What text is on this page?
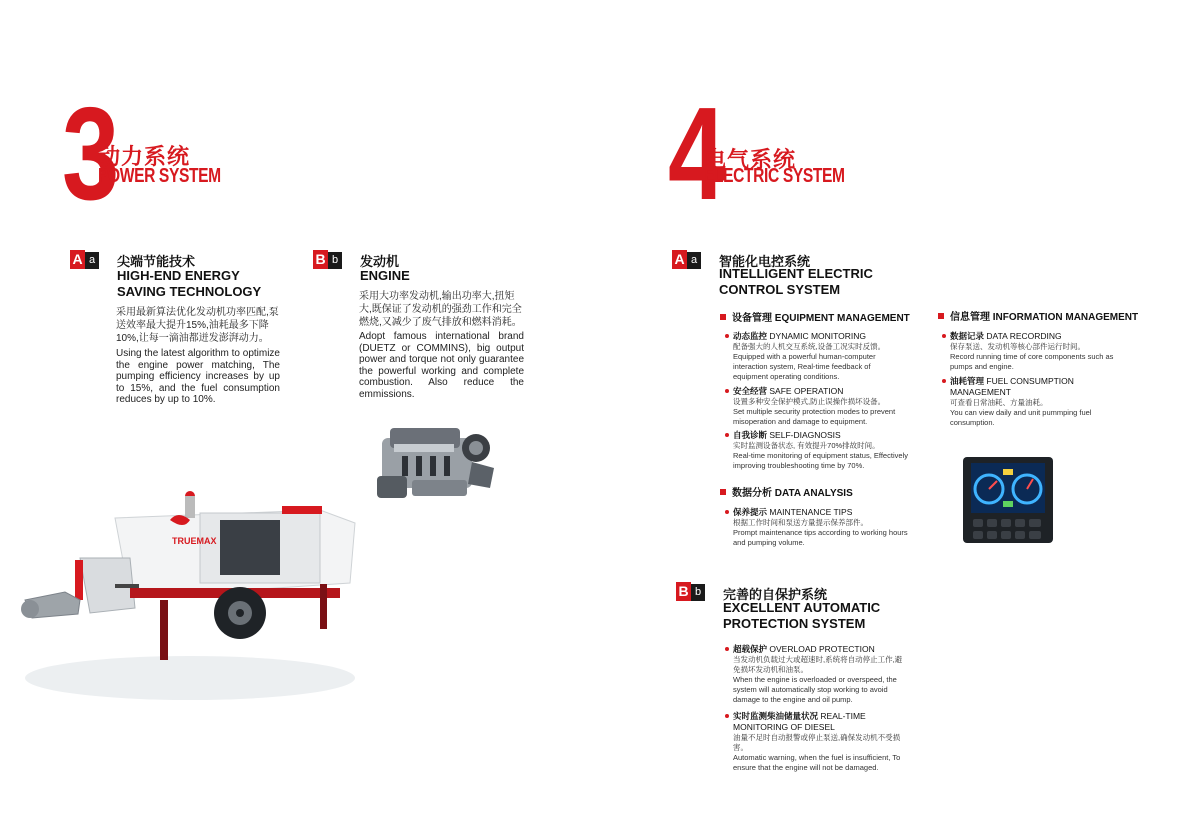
3
动力系统
POWER SYSTEM
A a	尖端节能技术
HIGH-END ENERGY
SAVING TECHNOLOGY
采用最新算法优化发动机功率匹配,泵送效率最大提升15%,油耗最多下降10%,让每一滴油都迸发澎湃动力。
Using the latest algorithm to optimize the engine power matching, The pumping efficiency increases by up to 15%, and the fuel consumption reduces by up to 10%.
B b	发动机
ENGINE
采用大功率发动机,输出功率大,扭矩大,既保证了发动机的强劲工作和完全燃烧,又减少了废气排放和燃料消耗。
Adopt famous international brand (DUETZ or COMMINS), big output power and torque not only guarantee the powerful working and complete combustion. Also reduce the emmissions.
TRUEMAX
4
电气系统
ELECTRIC SYSTEM
A a	智能化电控系统
INTELLIGENT ELECTRIC
CONTROL SYSTEM
设备管理 EQUIPMENT MANAGEMENT
动态监控 DYNAMIC MONITORING
配备强大的人机交互系统,设备工况实时反馈。
Equipped with a powerful human-computer interaction system, Real-time feedback of equipment operating conditions.
安全经营 SAFE OPERATION
设置多种安全保护模式,防止误操作损坏设备。
Set multiple security protection modes to prevent misoperation and damage to equipment.
自我诊断 SELF-DIAGNOSIS
实时监测设备状态, 有效提升70%排故时间。
Real-time monitoring of equipment status, Effectively improving troubleshooting time by 70%.
信息管理 INFORMATION MANAGEMENT
数据记录 DATA RECORDING
保存泵送、发动机等核心部件运行时间。
Record running time of core components such as pumps and engine.
油耗管理 FUEL CONSUMPTION MANAGEMENT
可查看日常油耗、方量油耗。
You can view daily and unit pummping fuel consumption.
数据分析 DATA ANALYSIS
保养提示 MAINTENANCE TIPS
根据工作时间和泵送方量提示保养部件。
Prompt maintenance tips according to working hours and pumping volume.
B b	完善的自保护系统
EXCELLENT AUTOMATIC
PROTECTION SYSTEM
超载保护 OVERLOAD PROTECTION
当发动机负载过大或超速时,系统将自动停止工作,避免损坏发动机和油泵。
When the engine is overloaded or overspeed, the system will automatically stop working to avoid damage to the engine and oil pump.
实时监测柴油储量状况 REAL-TIME MONITORING OF DIESEL
油量不足时自动报警或停止泵送,确保发动机不受损害。
Automatic warning, when the fuel is insufficient, To ensure that the engine will not be damaged.
